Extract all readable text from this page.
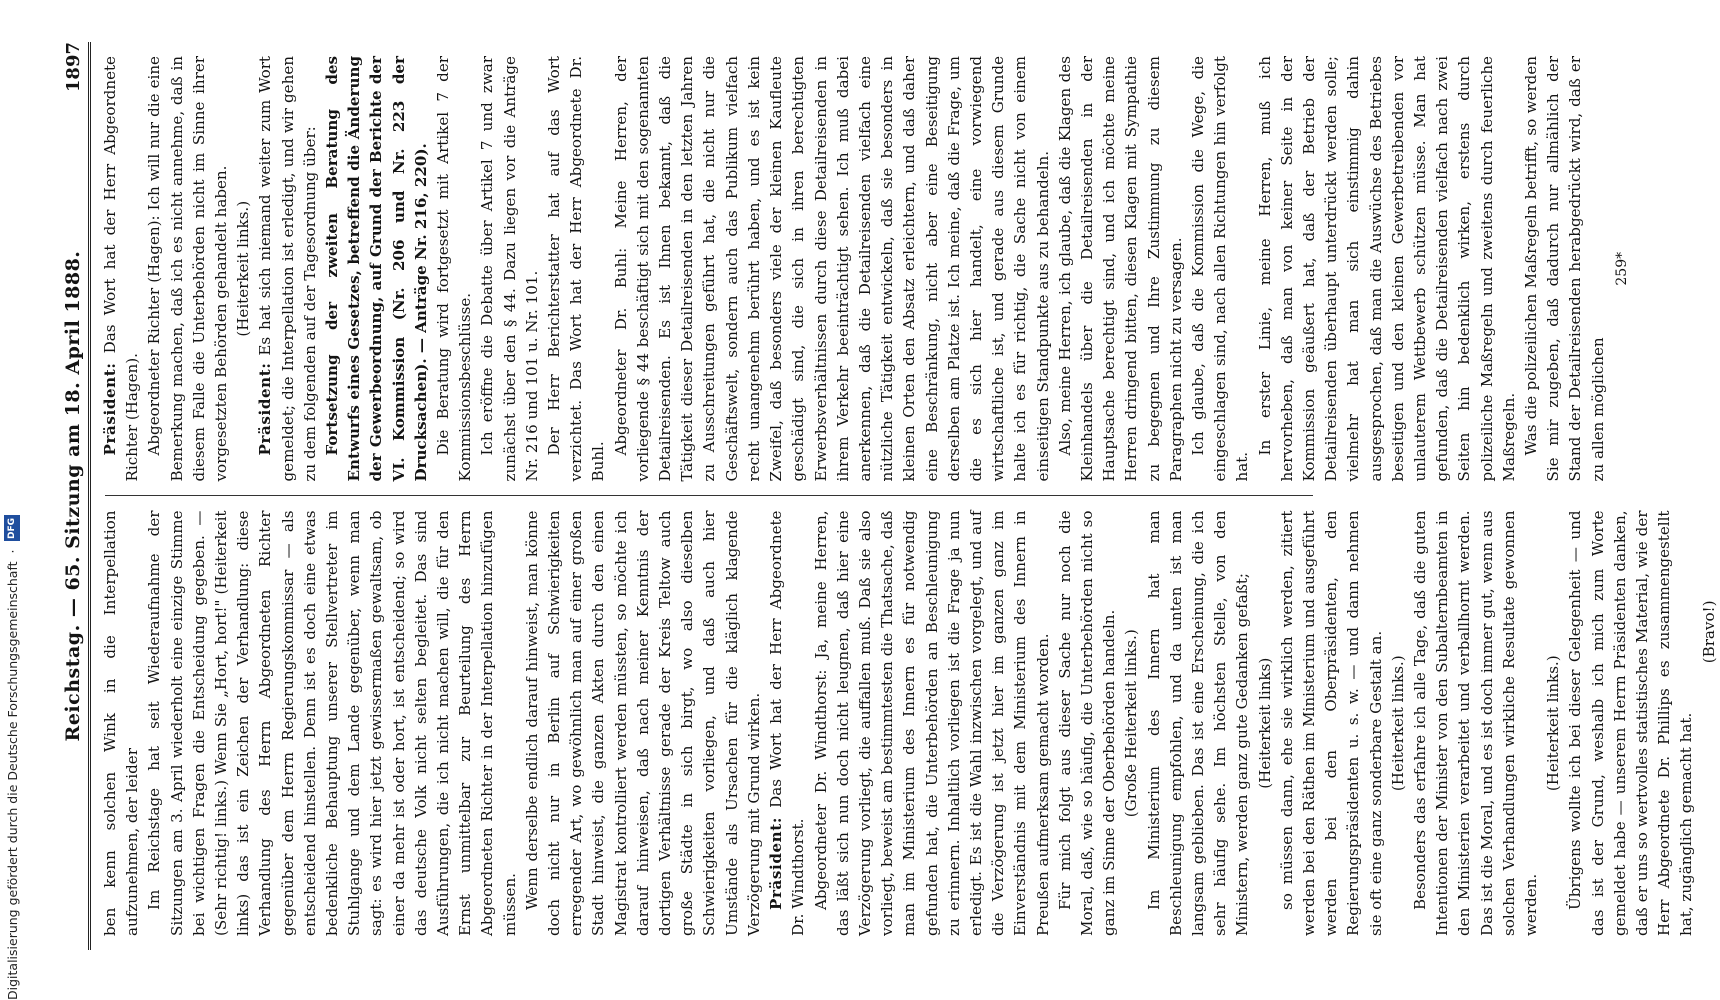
Reichstag. — 65. Sitzung am 18. April 1888.
1897

ben kenn solchen Wink in die Interpellation aufzunehmen, der leider Im Reichstage hat seit Wiederaufnahme der Sitzungen am 3. April wiederholt eine einzige Stimme bei wichtigen Fragen die Entscheidung gegeben. — (Sehr richtig! links.) Wenn Sie „Hort, hort!" (Heiterkeit links) das ist ein Zeichen der Verhandlung: diese Verhandlung des Herrn Abgeordneten Richter gegenüber dem Herrn Regierungskommissar — als entscheidend hinstellen. Denn ist es doch eine etwas bedenkliche Behauptung unserer Stellvertreter im Stuhlgange und dem Lande gegenüber, wenn man sagt: es wird hier jetzt gewissermaßen gewaltsam, ob einer da mehr ist oder hort, ist entscheidend; so wird das deutsche Volk nicht selten begleitet. Das sind Ausführungen, die ich nicht machen will, die für den Ernst unmittelbar zur Beurteilung des Herrn Abgeordneten Richter in der Interpellation hinzufügen müssen. Wenn derselbe endlich darauf hinweist, man könne doch nicht nur in Berlin auf Schwierigkeiten erregender Art, wo gewöhnlich man auf einer großen Stadt hinweist, die ganzen Akten durch den einen Magistrat kontrolliert werden müssten, so möchte ich darauf hinweisen, daß nach meiner Kenntnis der dortigen Verhältnisse gerade der Kreis Teltow auch große Städte in sich birgt, wo also dieselben Schwierigkeiten vorliegen, und daß auch hier Umstände als Ursachen für die kläglich klagende Verzögerung mit Grund wirken. Präsident: Das Wort hat der Herr Abgeordnete Dr. Windthorst. Abgeordneter Dr. Windthorst: Ja, meine Herren, das läßt sich nun doch nicht leugnen, daß hier eine Verzögerung vorliegt, die auffallen muß. Daß sie also vorliegt, beweist am bestimmtesten die Thatsache, daß man im Ministerium des Innern es für notwendig gefunden hat, die Unterbehörden an Beschleunigung zu erinnern. Inhaltlich vorliegen ist die Frage ja nun erledigt. Es ist die Wahl inzwischen vorgelegt, und auf die Verzögerung ist jetzt hier im ganzen ganz im Einverständnis mit dem Ministerium des Innern in Preußen aufmerksam gemacht worden. Für mich folgt aus dieser Sache nur noch die Moral, daß, wie so häufig, die Unterbehörden nicht so ganz im Sinne der Oberbehörden handeln. (Große Heiterkeit links.) Im Ministerium des Innern hat man Beschleunigung empfohlen, und da unten ist man langsam geblieben. Das ist eine Erscheinung, die ich sehr häufig sehe. Im höchsten Stelle, von den Ministern, werden ganz gute Gedanken gefaßt; (Heiterkeit links) so müssen dann, ehe sie wirklich werden, zitiert werden bei den Räthen im Ministerium und ausgeführt werden bei den Oberpräsidenten, den Regierungspräsidenten u. s. w. — und dann nehmen sie oft eine ganz sonderbare Gestalt an. (Heiterkeit links.) Besonders das erfahre ich alle Tage, daß die guten Intentionen der Minister von den Subalternbeamten in den Ministerien verarbeitet und verballhornt werden. Das ist die Moral, und es ist doch immer gut, wenn aus solchen Verhandlungen wirkliche Resultate gewonnen werden.

(Heiterkeit links.) Übrigens wollte ich bei dieser Gelegenheit — und das ist der Grund, weshalb ich mich zum Worte gemeldet habe — unserem Herrn Präsidenten danken, daß er uns so wertvolles statistisches Material, wie der Herr Abgeordnete Dr. Phillips es zusammengestellt hat, zugänglich gemacht hat.

(Bravo!)

Präsident: Das Wort hat der Herr Abgeordnete Richter (Hagen). Abgeordneter Richter (Hagen): Ich will nur die eine Bemerkung machen, daß ich es nicht annehme, daß in diesem Falle die Unterbehörden nicht im Sinne ihrer vorgesetzten Behörden gehandelt haben. (Heiterkeit links.)

Präsident: Es hat sich niemand weiter zum Wort gemeldet; die Interpellation ist erledigt, und wir gehen zu dem folgenden auf der Tagesordnung über: Fortsetzung der zweiten Beratung des Entwurfs eines Gesetzes, betreffend die Änderung der Gewerbeordnung, auf Grund der Berichte der VI. Kommission (Nr. 206 und Nr. 223 der Drucksachen). — Anträge Nr. 216, 220). Die Beratung wird fortgesetzt mit Artikel 7 der Kommissionsbeschlüsse. Ich eröffne die Debatte über Artikel 7 und zwar zunächst über den § 44. Dazu liegen vor die Anträge Nr. 216 und 101 u. Nr. 101. Der Herr Berichterstatter hat auf das Wort verzichtet. Das Wort hat der Herr Abgeordnete Dr. Buhl.

Abgeordneter Dr. Buhl: Meine Herren, der vorliegende § 44 beschäftigt sich mit den sogenannten Detailreisenden. Es ist Ihnen bekannt, daß die Tätigkeit dieser Detailreisenden in den letzten Jahren zu Ausschreitungen geführt hat, die nicht nur die Geschäftswelt, sondern auch das Publikum vielfach recht unangenehm berührt haben, und es ist kein Zweifel, daß besonders viele der kleinen Kaufleute geschädigt sind, die sich in ihren berechtigten Erwerbsverhältnissen durch diese Detailreisenden in ihrem Verkehr beeinträchtigt sehen. Ich muß dabei anerkennen, daß die Detailreisenden vielfach eine nützliche Tätigkeit entwickeln, daß sie besonders in kleinen Orten den Absatz erleichtern, und daß daher eine Beschränkung, nicht aber eine Beseitigung derselben am Platze ist. Ich meine, daß die Frage, um die es sich hier handelt, eine vorwiegend wirtschaftliche ist, und gerade aus diesem Grunde halte ich es für richtig, die Sache nicht von einem einseitigen Standpunkte aus zu behandeln. Also, meine Herren, ich glaube, daß die Klagen des Kleinhandels über die Detailreisenden in der Hauptsache berechtigt sind, und ich möchte meine Herren dringend bitten, diesen Klagen mit Sympathie zu begegnen und Ihre Zustimmung zu diesem Paragraphen nicht zu versagen. Ich glaube, daß die Kommission die Wege, die eingeschlagen sind, nach allen Richtungen hin verfolgt hat.

In erster Linie, meine Herren, muß ich hervorheben, daß man von keiner Seite in der Kommission geäußert hat, daß der Betrieb der Detailreisenden überhaupt unterdrückt werden solle; vielmehr hat man sich einstimmig dahin ausgesprochen, daß man die Auswüchse des Betriebes beseitigen und den kleinen Gewerbetreibenden vor unlauterem Wettbewerb schützen müsse. Man hat gefunden, daß die Detailreisenden vielfach nach zwei Seiten hin bedenklich wirken, erstens durch polizeiliche Maßregeln und zweitens durch feuerliche Maßregeln. Was die polizeilichen Maßregeln betrifft, so werden Sie mir zugeben, daß dadurch nur allmählich der Stand der Detailreisenden herabgedrückt wird, daß er zu allen möglichen

259*
Digitalisierung gefördert durch die Deutsche Forschungsgemeinschaft
·
DFG
